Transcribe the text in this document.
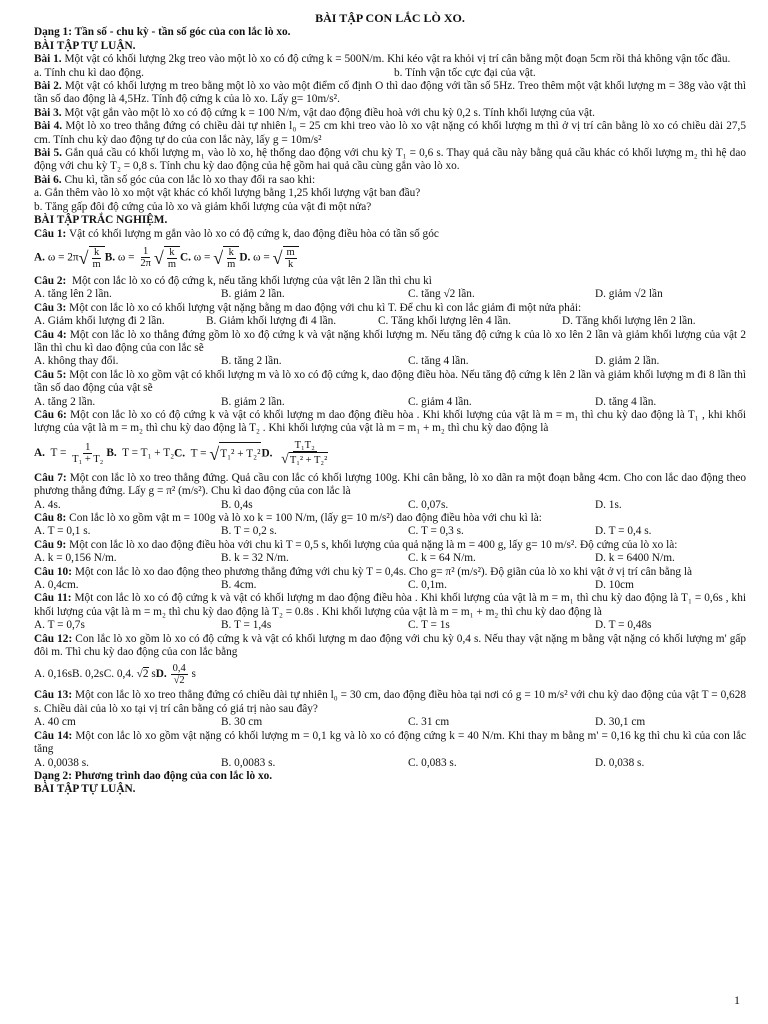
BÀI TẬP CON LẮC LÒ XO.

Dạng 1: Tần số - chu kỳ - tần số góc của con lắc lò xo.

BÀI TẬP TỰ LUẬN.

Bài 1. Một vật có khối lượng 2kg treo vào một lò xo có độ cứng k = 500N/m. Khi kéo vật ra khỏi vị trí cân bằng một đoạn 5cm rồi thả không vận tốc đầu.

a. Tính chu kì dao động.	b. Tính vận tốc cực đại của vật.

Bài 2. Một vật có khối lượng m treo bằng một lò xo vào một điểm cố định O thì dao động với tần số 5Hz. Treo thêm một vật khối lượng m = 38g vào vật thì tần số dao động là 4,5Hz. Tính độ cứng k của lò xo. Lấy g= 10m/s².

Bài 3. Một vật gắn vào một lò xo có độ cứng k = 100 N/m, vật dao động điều hoà với chu kỳ 0,2 s. Tính khối lượng của vật.

Bài 4. Một lò xo treo thẳng đứng có chiều dài tự nhiên l₀ = 25 cm khi treo vào lò xo vật nặng có khối lượng m thì ở vị trí cân bằng lò xo có chiều dài 27,5 cm. Tính chu kỳ dao động tự do của con lắc này, lấy g = 10m/s²

Bài 5. Gắn quả cầu có khối lượng m₁ vào lò xo, hệ thống dao động với chu kỳ T₁ = 0,6 s. Thay quả cầu này bằng quả cầu khác có khối lượng m₂ thì hệ dao động với chu kỳ T₂ = 0,8 s. Tính chu kỳ dao động của hệ gồm hai quả cầu cùng gắn vào lò xo.

Bài 6. Chu kì, tần số góc của con lắc lò xo thay đổi ra sao khi:

a. Gắn thêm vào lò xo một vật khác có khối lượng bằng 1,25 khối lượng vật ban đầu?

b. Tăng gấp đôi độ cứng của lò xo và giảm khối lượng của vật đi một nửa?

BÀI TẬP TRẮC NGHIỆM.

Câu 1: Vật có khối lượng m gắn vào lò xo có độ cứng k, dao động điều hòa có tần số góc

A. ω = 2π √ $\frac{k}{m} B$. $\omega = \frac{1}{2\pi}$ √ $\frac{k}{m} C$. ω = √ $\frac{k}{m} D$. ω = √ $\frac{m}{k}$

Câu 2: Một con lắc lò xo có độ cứng k, nếu tăng khối lượng của vật lên 2 lần thì chu kì

A. tăng lên 2 lần.	B. giảm 2 lần.	C. tăng √2 lần.	D. giảm √2 lần

Câu 3: Một con lắc lò xo có khối lượng vật nặng bằng m dao động với chu kì T. Để chu kì con lắc giảm đi một nửa phải:

A. Giảm khối lượng đi 2 lần.	B. Giảm khối lượng đi 4 lần.	C. Tăng khối lượng lên 4 lần.	D. Tăng khối lượng lên 2 lần.

Câu 4: Một con lắc lò xo thẳng đứng gồm lò xo độ cứng k và vật nặng khối lượng m. Nếu tăng độ cứng k của lò xo lên 2 lần và giảm khối lượng của vật 2 lần thì chu kì dao động của con lắc sẽ

A. không thay đổi.	B. tăng 2 lần.	C. tăng 4 lần.	D. giảm 2 lần.

Câu 5: Một con lắc lò xo gồm vật có khối lượng m và lò xo có độ cứng k, dao động điều hòa. Nếu tăng độ cứng k lên 2 lần và giảm khối lượng m đi 8 lần thì tần số dao động của vật sẽ

A. tăng 2 lần.	B. giảm 2 lần.	C. giảm 4 lần.	D. tăng 4 lần.

Câu 6: Một con lắc lò xo có độ cứng k và vật có khối lượng m dao động điều hòa . Khi khối lượng của vật là m = m₁ thì chu kỳ dao động là T₁ , khi khối lượng của vật là m = m₂ thì chu kỳ dao động là T₂ . Khi khối lượng của vật là m = m₁ + m₂ thì chu kỳ dao động là

A. $T = \frac{1}{\text{T₁ + T₂}} B$. T = T₁ + T₂ C. T = √ T₁² + T₂² D. $\frac{\text{T₁T₂}}{\text{√ T₁² + T₂²}}$

Câu 7: Một con lắc lò xo treo thẳng đứng. Quả cầu con lắc có khối lượng 100g. Khi cân bằng, lò xo dãn ra một đoạn bằng 4cm. Cho con lắc dao động theo phương thẳng đứng. Lấy g = π² (m/s²). Chu kì dao động của con lắc là

A. 4s.	B. 0,4s	C. 0,07s.	D. 1s.

Câu 8: Con lắc lò xo gồm vật m = 100g và lò xo k = 100 N/m, (lấy g= 10 m/s²) dao động điều hòa với chu kì là:

A. T = 0,1 s.	B. T = 0,2 s.	C. T = 0,3 s.	D. T = 0,4 s.

Câu 9: Một con lắc lò xo dao động điều hòa với chu kì T = 0,5 s, khối lượng của quả nặng là m = 400 g, lấy g= 10 m/s². Độ cứng của lò xo là:

A. k = 0,156 N/m.	B. k = 32 N/m.	C. k = 64 N/m.	D. k = 6400 N/m.

Câu 10: Một con lắc lò xo dao động theo phương thẳng đứng với chu kỳ T = 0,4s. Cho g= π² (m/s²). Độ giãn của lò xo khi vật ở vị trí cân bằng là

A. 0,4cm.	B. 4cm.	C. 0,1m.	D. 10cm

Câu 11: Một con lắc lò xo có độ cứng k và vật có khối lượng m dao động điều hòa . Khi khối lượng của vật là m = m₁ thì chu kỳ dao động là T₁ = 0,6s , khi khối lượng của vật là m = m₂ thì chu kỳ dao động là T₂ = 0.8s . Khi khối lượng của vật là m = m₁ + m₂ thì chu kỳ dao động là

A. T = 0,7s	B. T = 1,4s	C. T = 1s	D. T = 0,48s

Câu 12: Con lắc lò xo gồm lò xo có độ cứng k và vật có khối lượng m dao động với chu kỳ 0,4 s. Nếu thay vật nặng m bằng vật nặng có khối lượng m' gấp đôi m. Thì chu kỳ dao động của con lắc bằng

A. 0,16s B. 0,2s C. 0,4. √2 s D. $\frac{0,4}{√2}$ s

Câu 13: Một con lắc lò xo treo thẳng đứng có chiều dài tự nhiên l₀ = 30 cm, dao động điều hòa tại nơi có g = 10 m/s² với chu kỳ dao động của vật T = 0,628 s. Chiều dài của lò xo tại vị trí cân bằng có giá trị nào sau đây?

A. 40 cm	B. 30 cm	C. 31 cm	D. 30,1 cm

Câu 14: Một con lắc lò xo gồm vật nặng có khối lượng m = 0,1 kg và lò xo có động cứng k = 40 N/m. Khi thay m bằng m' = 0,16 kg thì chu kì của con lắc tăng

A. 0,0038 s.	B. 0,0083 s.	C. 0,083 s.	D. 0,038 s.

Dạng 2: Phương trình dao động của con lắc lò xo.

BÀI TẬP TỰ LUẬN.

1
